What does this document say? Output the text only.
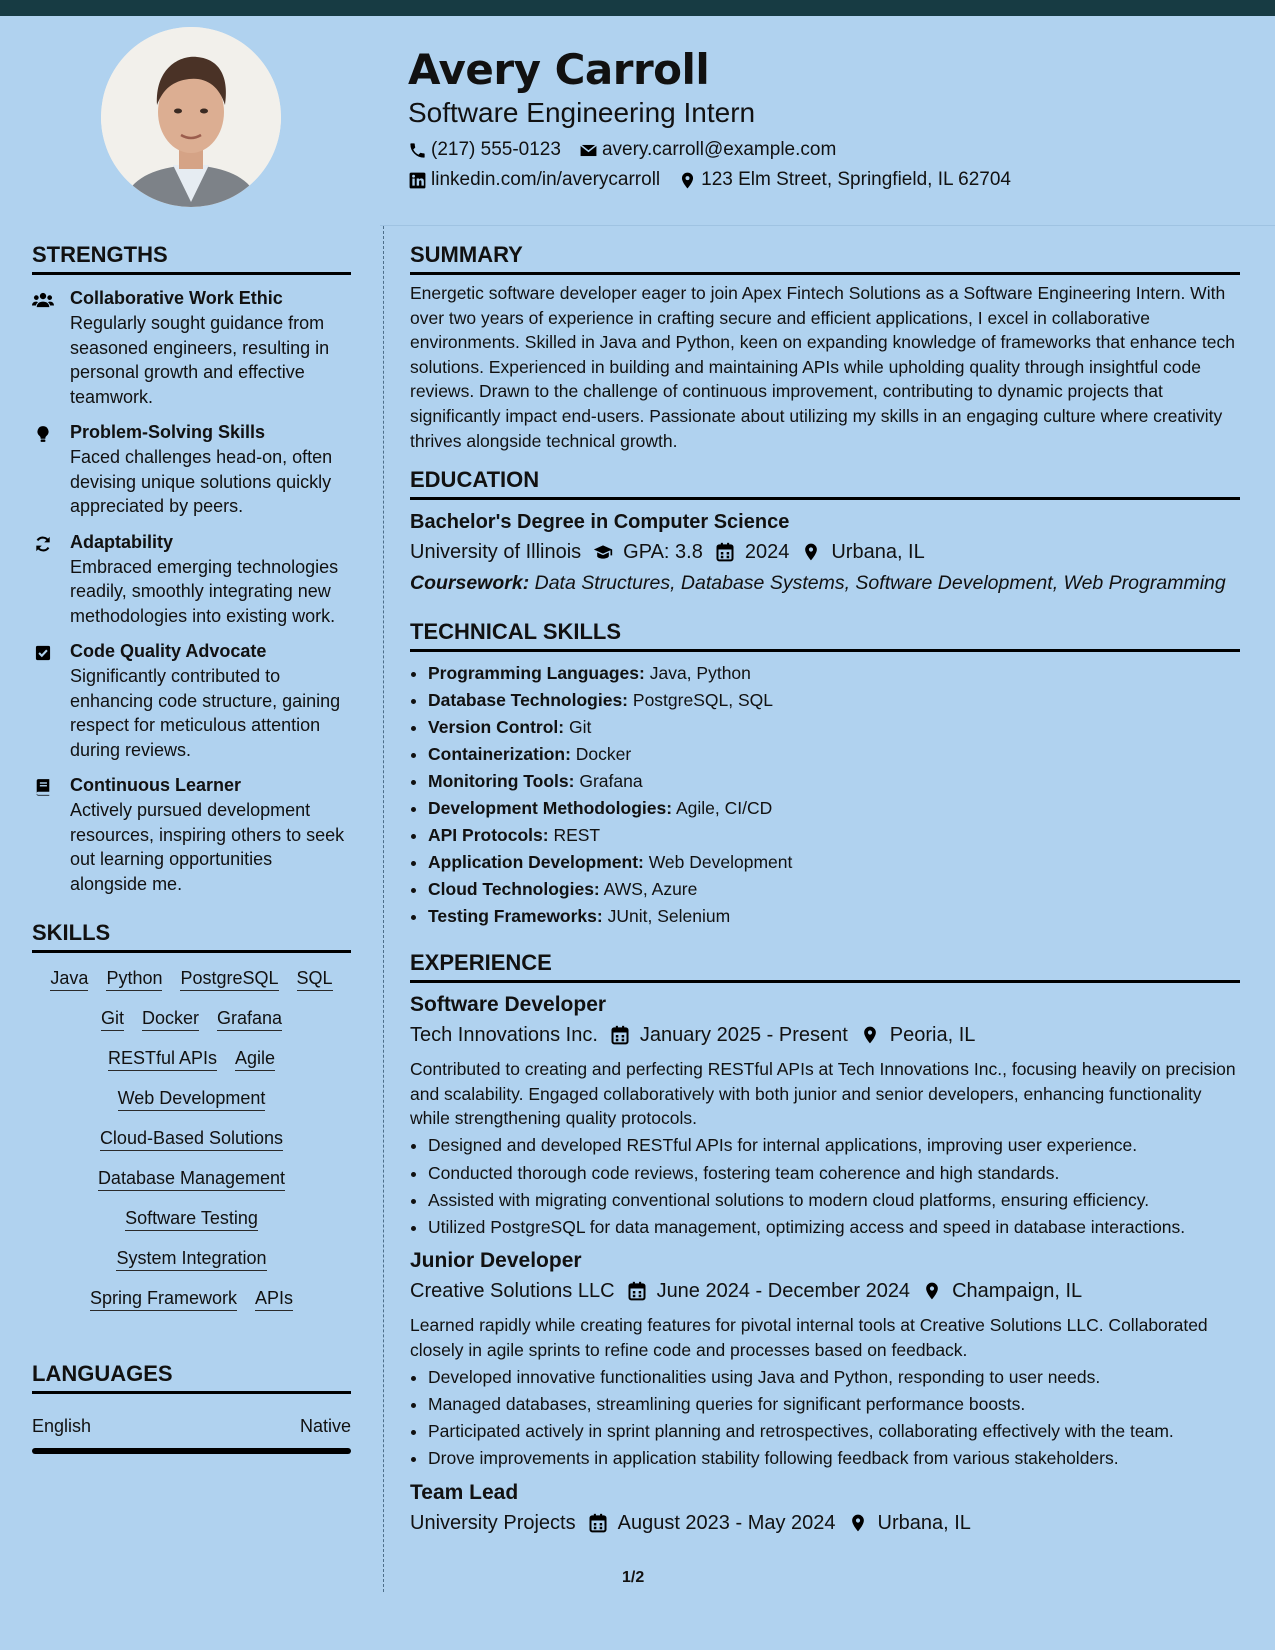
Avery Carroll
Software Engineering Intern
(217) 555-0123 avery.carroll@example.com
linkedin.com/in/averycarroll 123 Elm Street, Springfield, IL 62704
STRENGTHS
Collaborative Work Ethic
Regularly sought guidance from seasoned engineers, resulting in personal growth and effective teamwork.
Problem-Solving Skills
Faced challenges head-on, often devising unique solutions quickly appreciated by peers.
Adaptability
Embraced emerging technologies readily, smoothly integrating new methodologies into existing work.
Code Quality Advocate
Significantly contributed to enhancing code structure, gaining respect for meticulous attention during reviews.
Continuous Learner
Actively pursued development resources, inspiring others to seek out learning opportunities alongside me.
SKILLS
Java Python PostgreSQL SQL
Git Docker Grafana
RESTful APIs Agile
Web Development
Cloud-Based Solutions
Database Management
Software Testing
System Integration
Spring Framework APIs
LANGUAGES
English	Native
SUMMARY
Energetic software developer eager to join Apex Fintech Solutions as a Software Engineering Intern. With over two years of experience in crafting secure and efficient applications, I excel in collaborative environments. Skilled in Java and Python, keen on expanding knowledge of frameworks that enhance tech solutions. Experienced in building and maintaining APIs while upholding quality through insightful code reviews. Drawn to the challenge of continuous improvement, contributing to dynamic projects that significantly impact end-users. Passionate about utilizing my skills in an engaging culture where creativity thrives alongside technical growth.
EDUCATION
Bachelor's Degree in Computer Science
University of Illinois GPA: 3.8 2024 Urbana, IL
Coursework: Data Structures, Database Systems, Software Development, Web Programming
TECHNICAL SKILLS
• Programming Languages: Java, Python
• Database Technologies: PostgreSQL, SQL
• Version Control: Git
• Containerization: Docker
• Monitoring Tools: Grafana
• Development Methodologies: Agile, CI/CD
• API Protocols: REST
• Application Development: Web Development
• Cloud Technologies: AWS, Azure
• Testing Frameworks: JUnit, Selenium
EXPERIENCE
Software Developer
Tech Innovations Inc. January 2025 - Present Peoria, IL
Contributed to creating and perfecting RESTful APIs at Tech Innovations Inc., focusing heavily on precision and scalability. Engaged collaboratively with both junior and senior developers, enhancing functionality while strengthening quality protocols.
• Designed and developed RESTful APIs for internal applications, improving user experience.
• Conducted thorough code reviews, fostering team coherence and high standards.
• Assisted with migrating conventional solutions to modern cloud platforms, ensuring efficiency.
• Utilized PostgreSQL for data management, optimizing access and speed in database interactions.
Junior Developer
Creative Solutions LLC June 2024 - December 2024 Champaign, IL
Learned rapidly while creating features for pivotal internal tools at Creative Solutions LLC. Collaborated closely in agile sprints to refine code and processes based on feedback.
• Developed innovative functionalities using Java and Python, responding to user needs.
• Managed databases, streamlining queries for significant performance boosts.
• Participated actively in sprint planning and retrospectives, collaborating effectively with the team.
• Drove improvements in application stability following feedback from various stakeholders.
Team Lead
University Projects August 2023 - May 2024 Urbana, IL
1/2
